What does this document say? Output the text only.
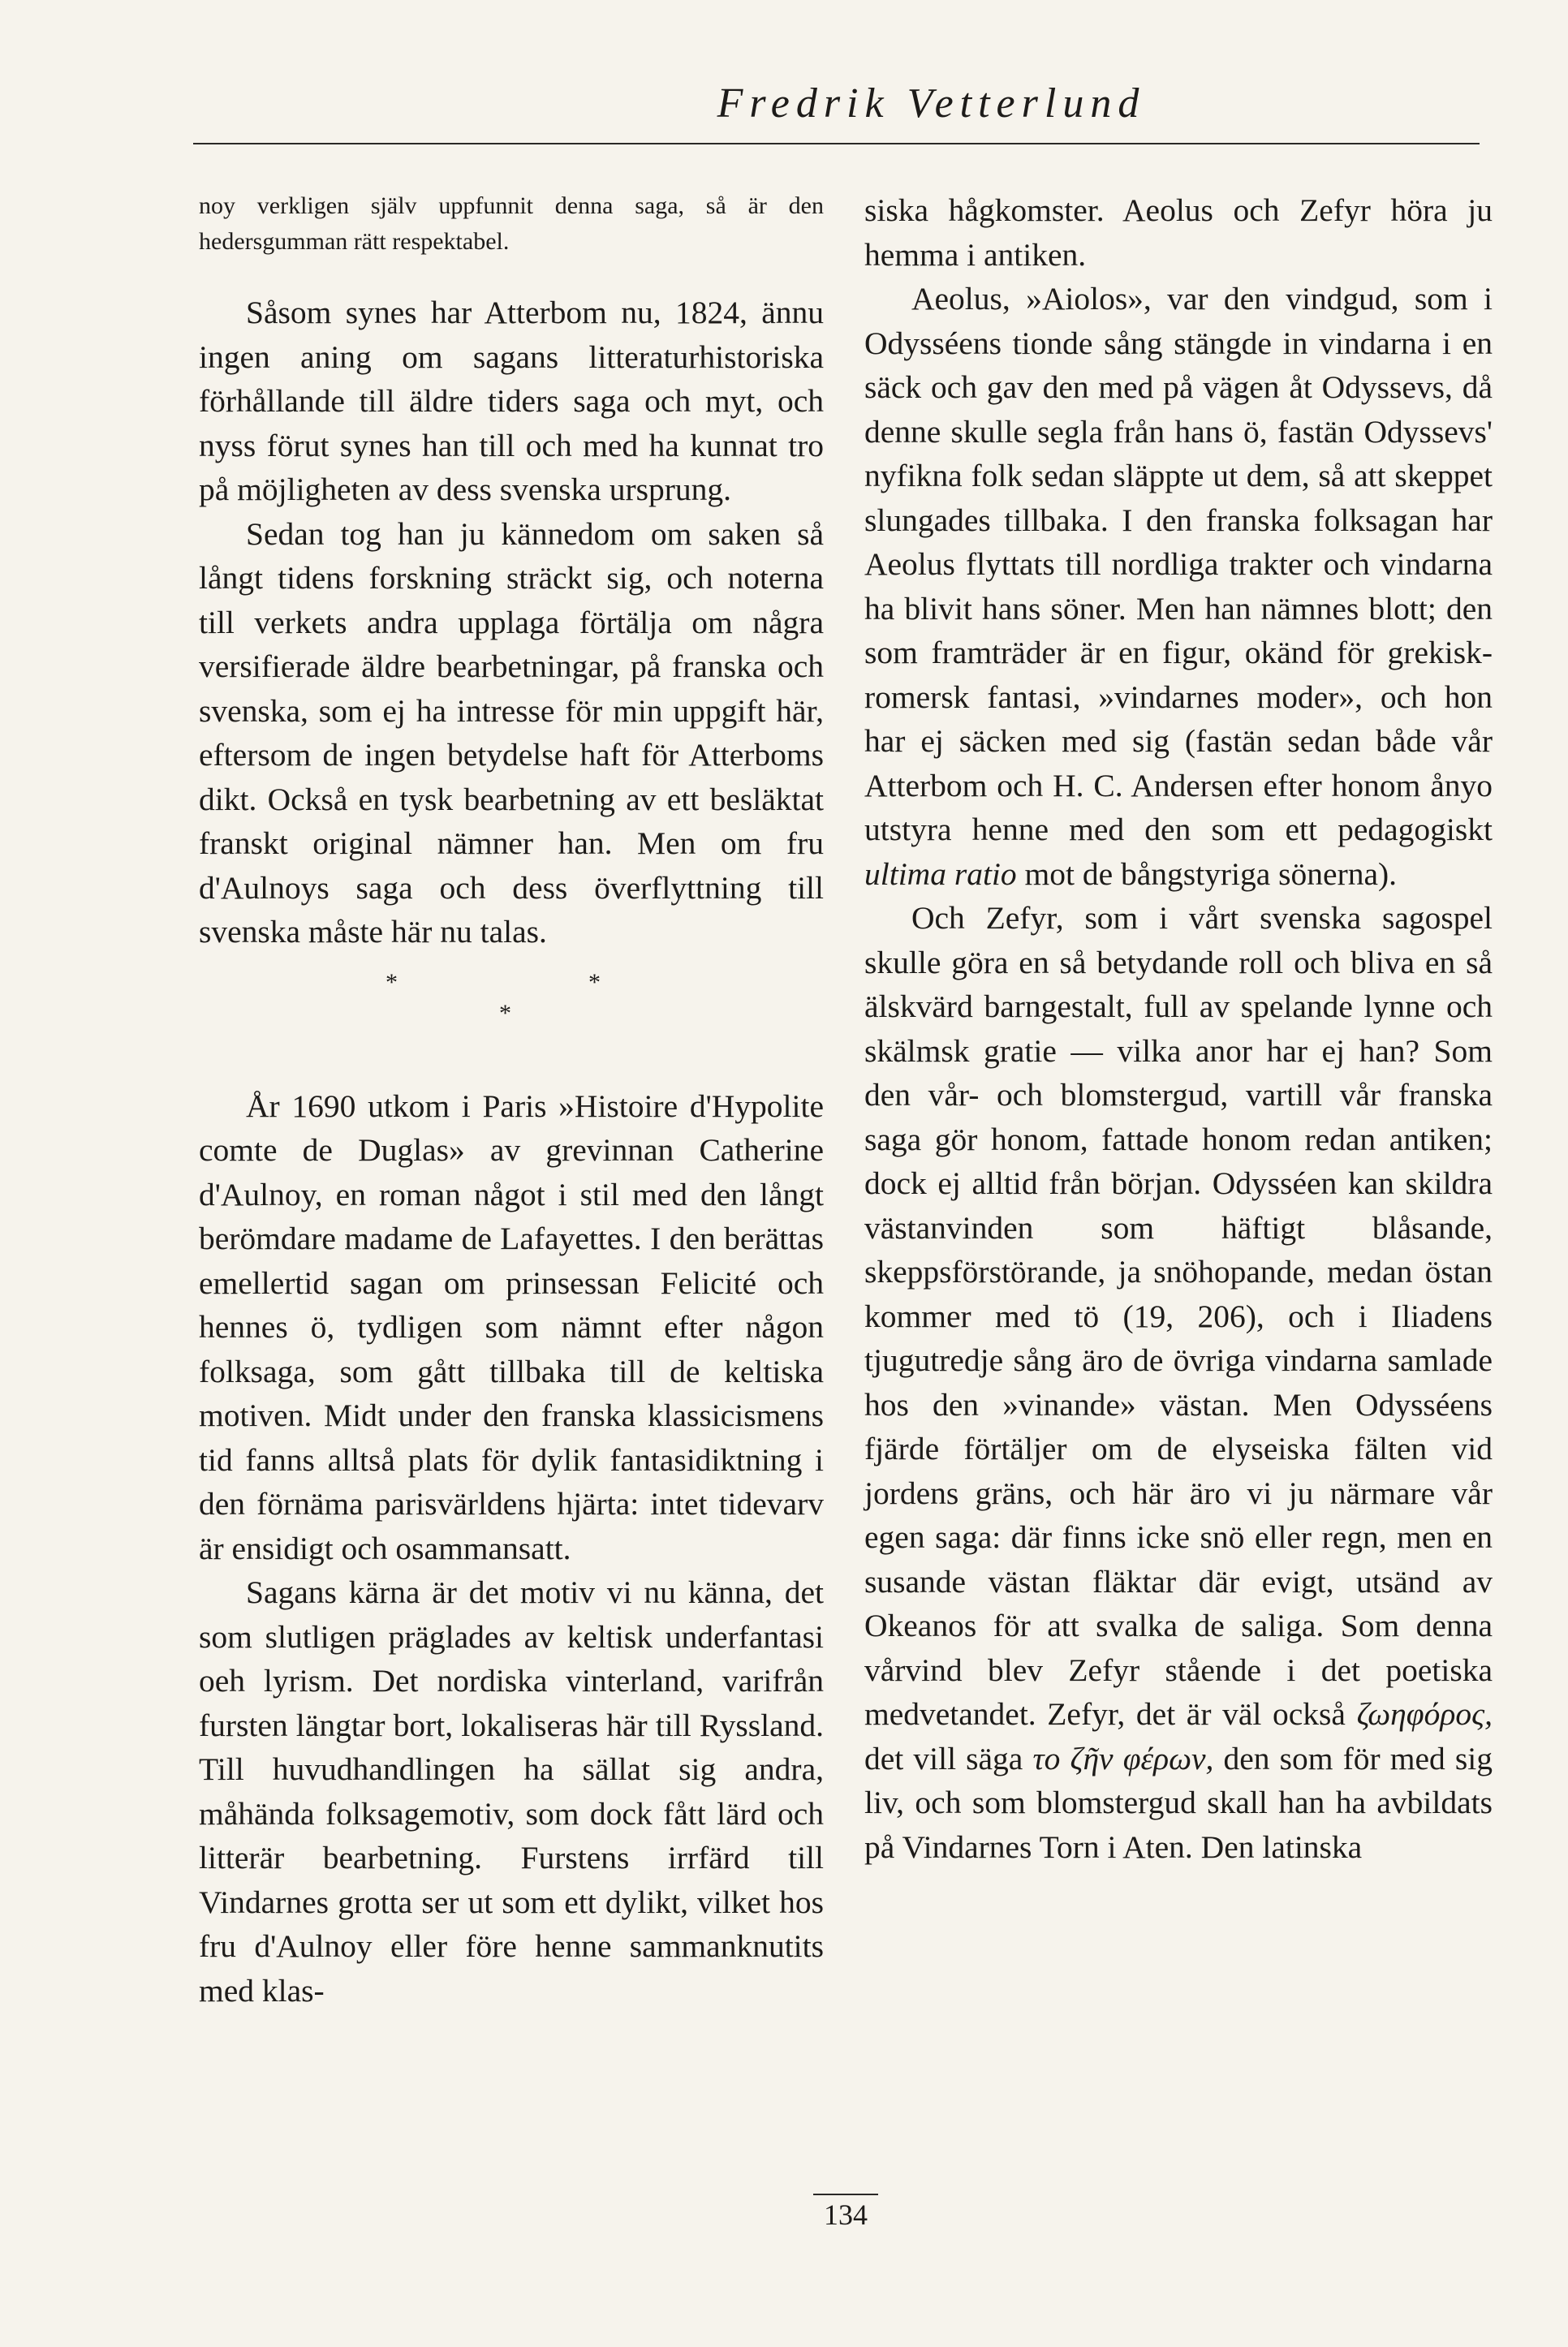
Fredrik Vetterlund

noy verkligen själv uppfunnit denna saga, så är den hedersgumman rätt respektabel.

Såsom synes har Atterbom nu, 1824, ännu ingen aning om sagans litteraturhistoriska förhållande till äldre tiders saga och myt, och nyss förut synes han till och med ha kunnat tro på möjligheten av dess svenska ursprung.

Sedan tog han ju kännedom om saken så långt tidens forskning sträckt sig, och noterna till verkets andra upplaga förtälja om några versifierade äldre bearbetningar, på franska och svenska, som ej ha intresse för min uppgift här, eftersom de ingen betydelse haft för Atterboms dikt. Också en tysk bearbetning av ett besläktat franskt original nämner han. Men om fru d'Aulnoys saga och dess överflyttning till svenska måste här nu talas.

*
*
*

År 1690 utkom i Paris »Histoire d'Hypolite comte de Duglas» av grevinnan Catherine d'Aulnoy, en roman något i stil med den långt berömdare madame de Lafayettes. I den berättas emellertid sagan om prinsessan Felicité och hennes ö, tydligen som nämnt efter någon folksaga, som gått tillbaka till de keltiska motiven. Midt under den franska klassicismens tid fanns alltså plats för dylik fantasidiktning i den förnäma parisvärldens hjärta: intet tidevarv är ensidigt och osammansatt.

Sagans kärna är det motiv vi nu känna, det som slutligen präglades av keltisk underfantasi oeh lyrism. Det nordiska vinterland, varifrån fursten längtar bort, lokaliseras här till Ryssland. Till huvudhandlingen ha sällat sig andra, måhända folksagemotiv, som dock fått lärd och litterär bearbetning. Furstens irrfärd till Vindarnes grotta ser ut som ett dylikt, vilket hos fru d'Aulnoy eller före henne sammanknutits med klas-

siska hågkomster. Aeolus och Zefyr höra ju hemma i antiken.

Aeolus, »Aiolos», var den vindgud, som i Odysséens tionde sång stängde in vindarna i en säck och gav den med på vägen åt Odyssevs, då denne skulle segla från hans ö, fastän Odyssevs' nyfikna folk sedan släppte ut dem, så att skeppet slungades tillbaka. I den franska folksagan har Aeolus flyttats till nordliga trakter och vindarna ha blivit hans söner. Men han nämnes blott; den som framträder är en figur, okänd för grekisk-romersk fantasi, »vindarnes moder», och hon har ej säcken med sig (fastän sedan både vår Atterbom och H. C. Andersen efter honom ånyo utstyra henne med den som ett pedagogiskt ultima ratio mot de bångstyriga sönerna).

Och Zefyr, som i vårt svenska sagospel skulle göra en så betydande roll och bliva en så älskvärd barngestalt, full av spelande lynne och skälmsk gratie — vilka anor har ej han? Som den vår- och blomstergud, vartill vår franska saga gör honom, fattade honom redan antiken; dock ej alltid från början. Odysséen kan skildra västanvinden som häftigt blåsande, skeppsförstörande, ja snöhopande, medan östan kommer med tö (19, 206), och i Iliadens tjugutredje sång äro de övriga vindarna samlade hos den »vinande» västan. Men Odysséens fjärde förtäljer om de elyseiska fälten vid jordens gräns, och här äro vi ju närmare vår egen saga: där finns icke snö eller regn, men en susande västan fläktar där evigt, utsänd av Okeanos för att svalka de saliga. Som denna vårvind blev Zefyr stående i det poetiska medvetandet. Zefyr, det är väl också ζωηφόρος, det vill säga το ζῆν φέρων, den som för med sig liv, och som blomstergud skall han ha avbildats på Vindarnes Torn i Aten. Den latinska

134
